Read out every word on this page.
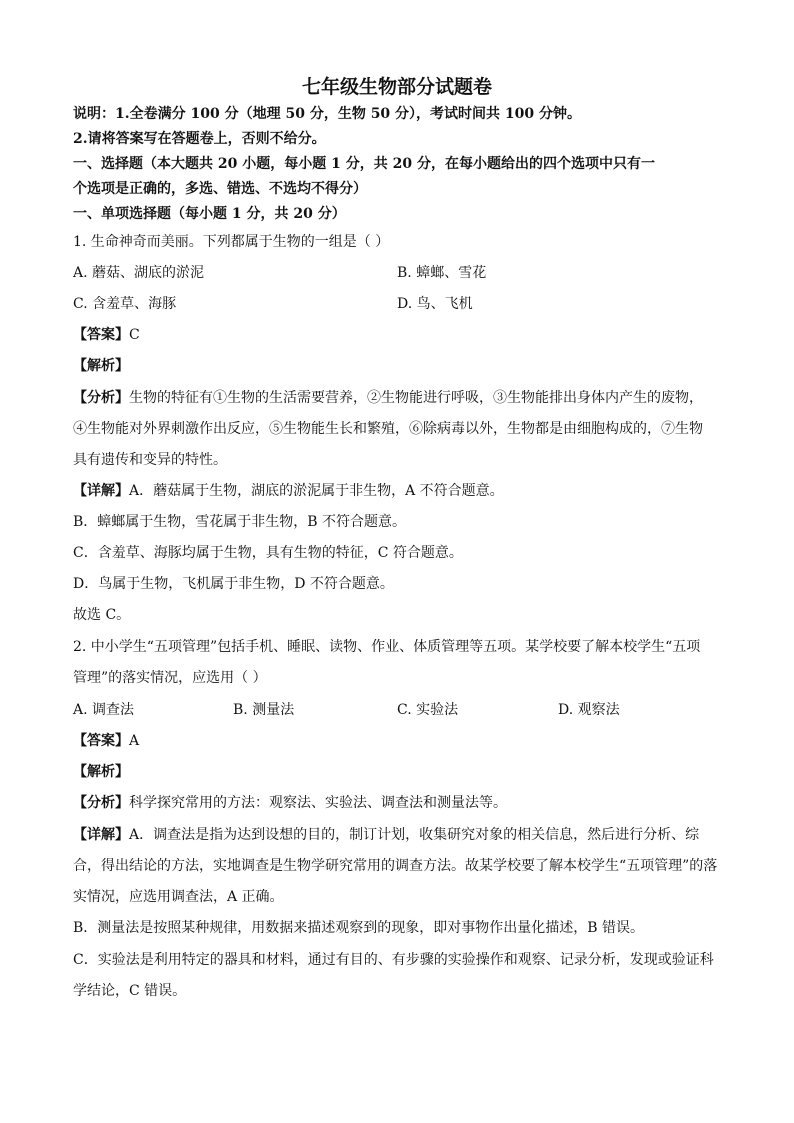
七年级生物部分试题卷
说明：1.全卷满分 100 分（地理 50 分，生物 50 分），考试时间共 100 分钟。
2.请将答案写在答题卷上，否则不给分。
一、选择题（本大题共 20 小题，每小题 1 分，共 20 分，在每小题给出的四个选项中只有一
个选项是正确的，多选、错选、不选均不得分）
一、单项选择题（每小题 1 分，共 20 分）
1. 生命神奇而美丽。下列都属于生物的一组是（ ）
A. 蘑菇、湖底的淤泥	B. 蟑螂、雪花
C. 含羞草、海豚	D. 鸟、飞机
【答案】C
【解析】
【分析】生物的特征有①生物的生活需要营养，②生物能进行呼吸，③生物能排出身体内产生的废物，
④生物能对外界刺激作出反应，⑤生物能生长和繁殖，⑥除病毒以外，生物都是由细胞构成的，⑦生物
具有遗传和变异的特性。
【详解】A．蘑菇属于生物，湖底的淤泥属于非生物，A 不符合题意。
B．蟑螂属于生物，雪花属于非生物，B 不符合题意。
C．含羞草、海豚均属于生物，具有生物的特征，C 符合题意。
D．鸟属于生物，飞机属于非生物，D 不符合题意。
故选 C。
2. 中小学生“五项管理”包括手机、睡眠、读物、作业、体质管理等五项。某学校要了解本校学生“五项
管理”的落实情况，应选用（ ）
A. 调查法	B. 测量法	C. 实验法	D. 观察法
【答案】A
【解析】
【分析】科学探究常用的方法：观察法、实验法、调查法和测量法等。
【详解】A．调查法是指为达到设想的目的，制订计划，收集研究对象的相关信息，然后进行分析、综
合，得出结论的方法，实地调查是生物学研究常用的调查方法。故某学校要了解本校学生“五项管理”的落
实情况，应选用调查法，A 正确。
B．测量法是按照某种规律，用数据来描述观察到的现象，即对事物作出量化描述，B 错误。
C．实验法是利用特定的器具和材料，通过有目的、有步骤的实验操作和观察、记录分析，发现或验证科
学结论，C 错误。
